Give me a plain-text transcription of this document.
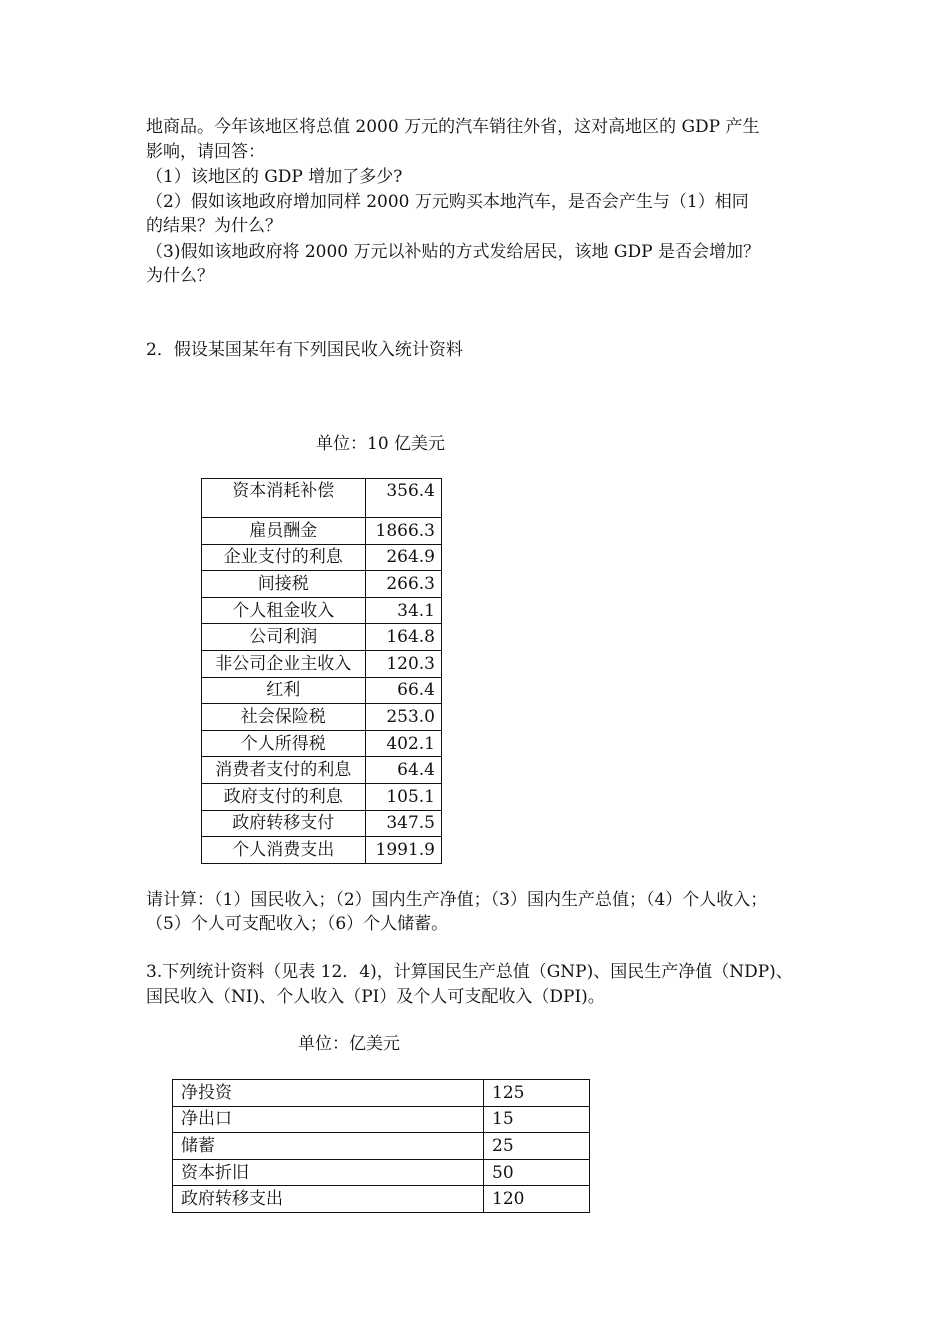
地商品。今年该地区将总值 2000 万元的汽车销往外省，这对高地区的 GDP 产生

影响，请回答：

（1）该地区的 GDP 增加了多少?

（2）假如该地政府增加同样 2000 万元购买本地汽车，是否会产生与（1）相同

的结果？为什么？

（3)假如该地政府将 2000 万元以补贴的方式发给居民，该地 GDP 是否会增加？

为什么？

2．假设某国某年有下列国民收入统计资料

单位：10 亿美元
资本消耗补偿	356.4
雇员酬金	1866.3
企业支付的利息	264.9
间接税	266.3
个人租金收入	34.1
公司利润	164.8
非公司企业主收入	120.3
红利	66.4
社会保险税	253.0
个人所得税	402.1
消费者支付的利息	64.4
政府支付的利息	105.1
政府转移支付	347.5
个人消费支出	1991.9

请计算：（1）国民收入；（2）国内生产净值；（3）国内生产总值；（4）个人收入；

（5）个人可支配收入；（6）个人储蓄。

3.下列统计资料（见表 12．4)，计算国民生产总值（GNP)、国民生产净值（NDP)、

国民收入（NI)、个人收入（PI）及个人可支配收入（DPI)。

单位：亿美元
净投资	125
净出口	15
储蓄	25
资本折旧	50
政府转移支出	120
